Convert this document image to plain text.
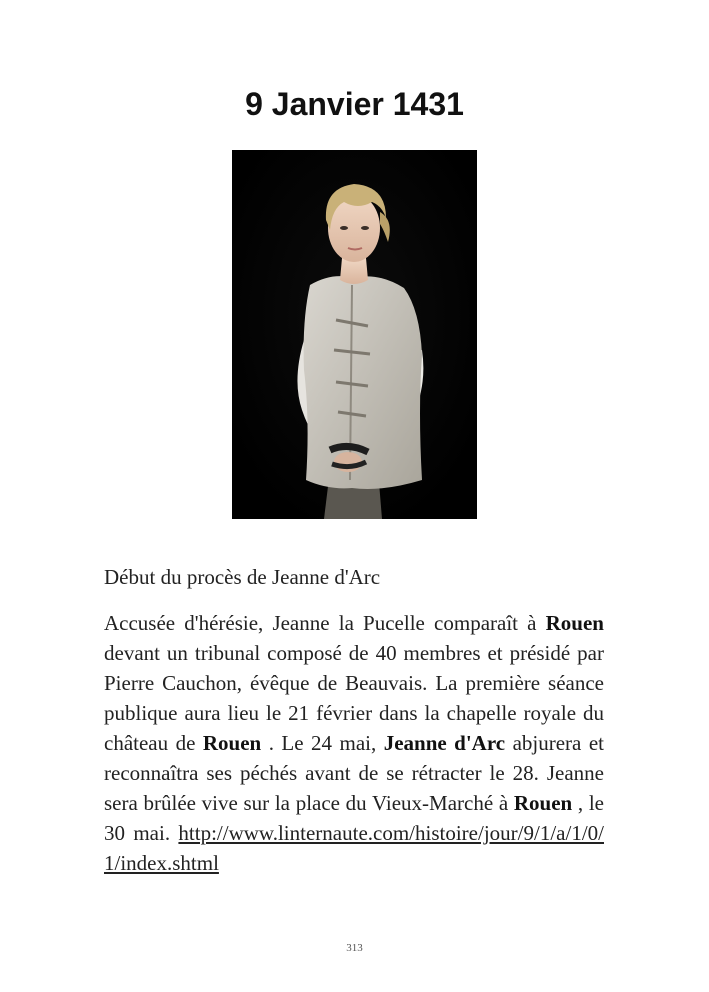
9 Janvier 1431

Début du procès de Jeanne d'Arc

Accusée d'hérésie, Jeanne la Pucelle comparaît à Rouen devant un tribunal composé de 40 membres et présidé par Pierre Cauchon, évêque de Beauvais. La première séance publique aura lieu le 21 février dans la chapelle royale du château de Rouen . Le 24 mai, Jeanne d'Arc abjurera et reconnaîtra ses péchés avant de se rétracter le 28. Jeanne sera brûlée vive sur la place du Vieux-Marché à Rouen , le 30 mai. http://www.linternaute.com/histoire/jour/9/1/a/1/0/1/index.shtml

313
